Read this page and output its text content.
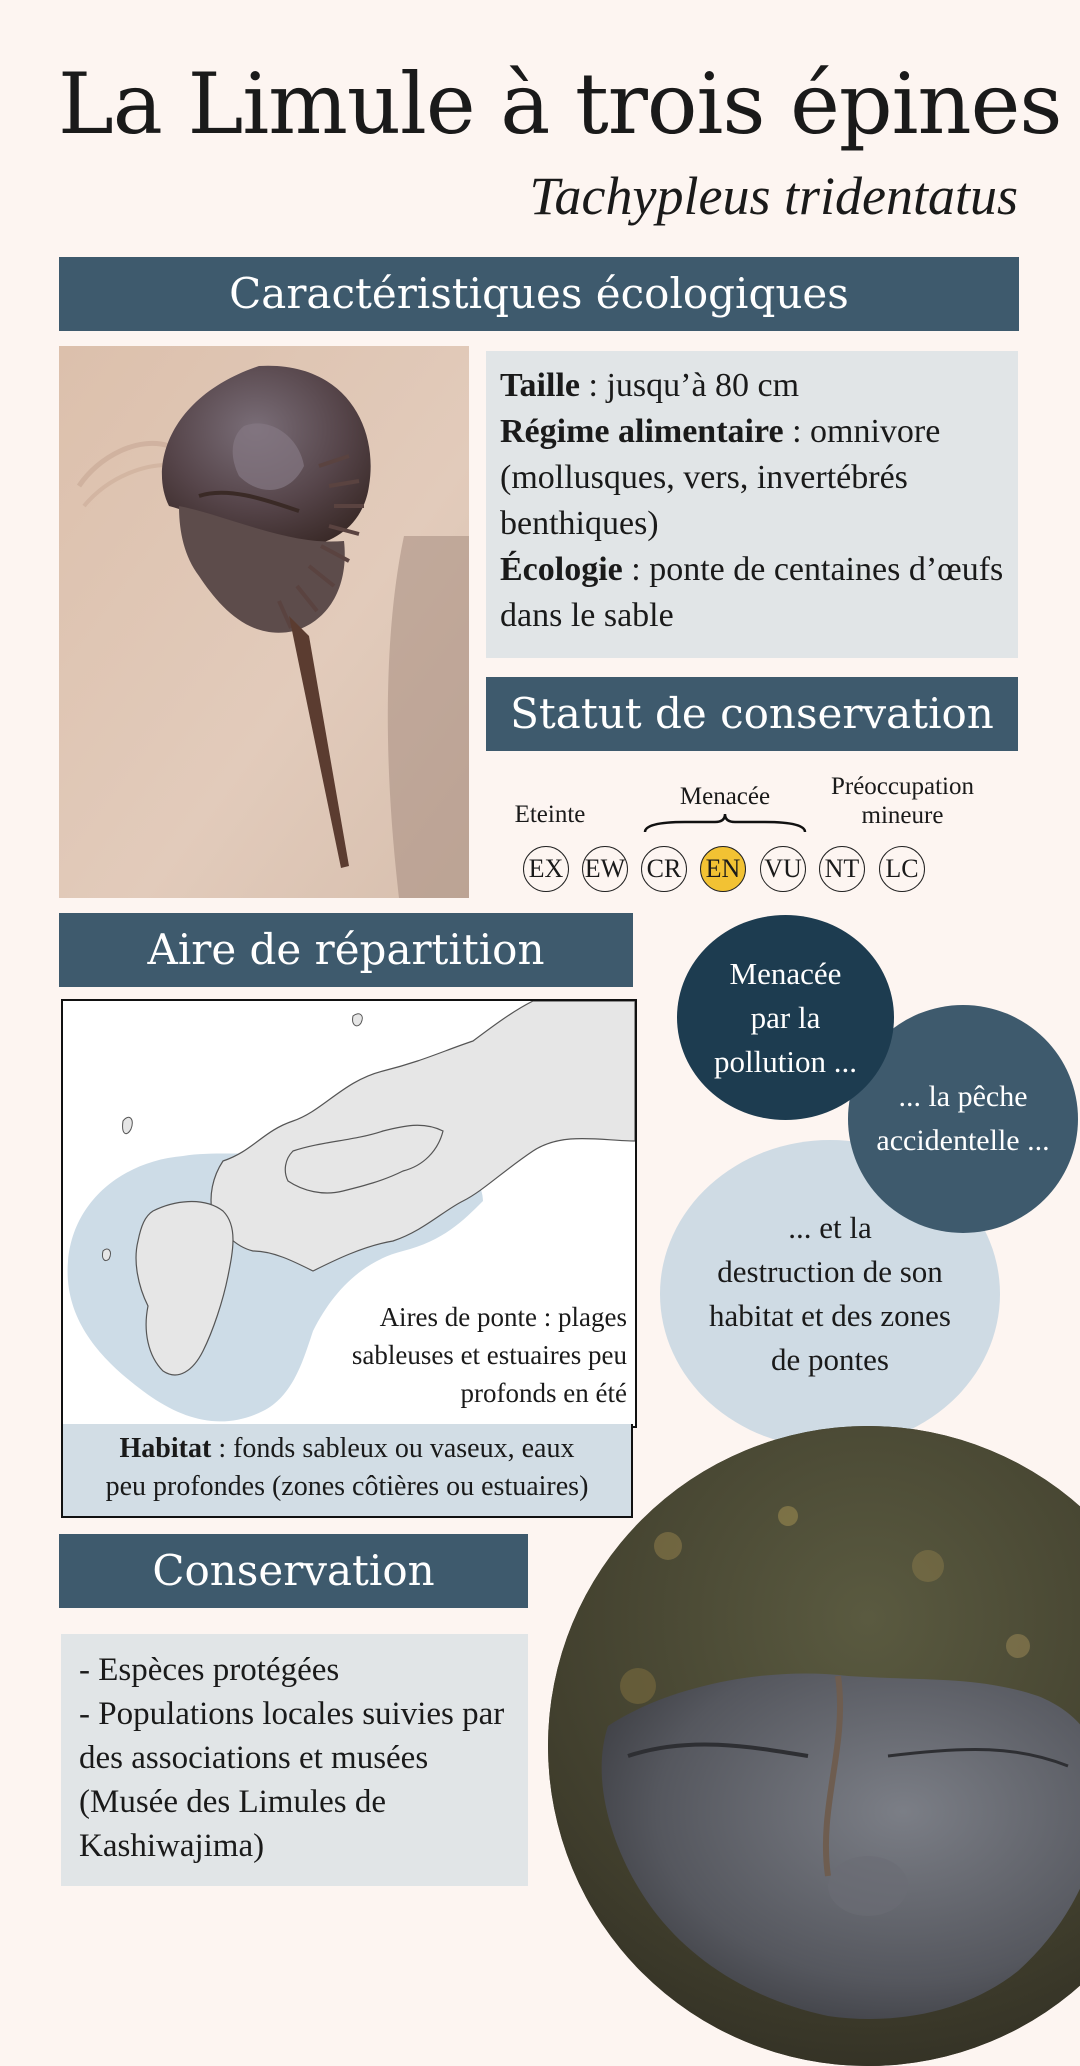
La Limule à trois épines
Tachypleus tridentatus
Caractéristiques écologiques

Taille : jusqu’à 80 cm

Régime alimentaire : omnivore (mollusques, vers, invertébrés benthiques)

Écologie : ponte de centaines d’œufs dans le sable

Statut de conservation
Eteinte
Menacée	Préoccupation
mineure
EX EW CR EN VU NT LC
Aire de répartition
Aires de ponte : plages
sableuses et estuaires peu
profonds en été
Habitat : fonds sableux ou vaseux, eaux
peu profondes (zones côtières ou estuaires)
... et la
destruction de son
habitat et des zones
de pontes
... la pêche
accidentelle ...
Menacée
par la
pollution ...
Conservation

- Espèces protégées

- Populations locales suivies par des associations et musées (Musée des Limules de Kashiwajima)
